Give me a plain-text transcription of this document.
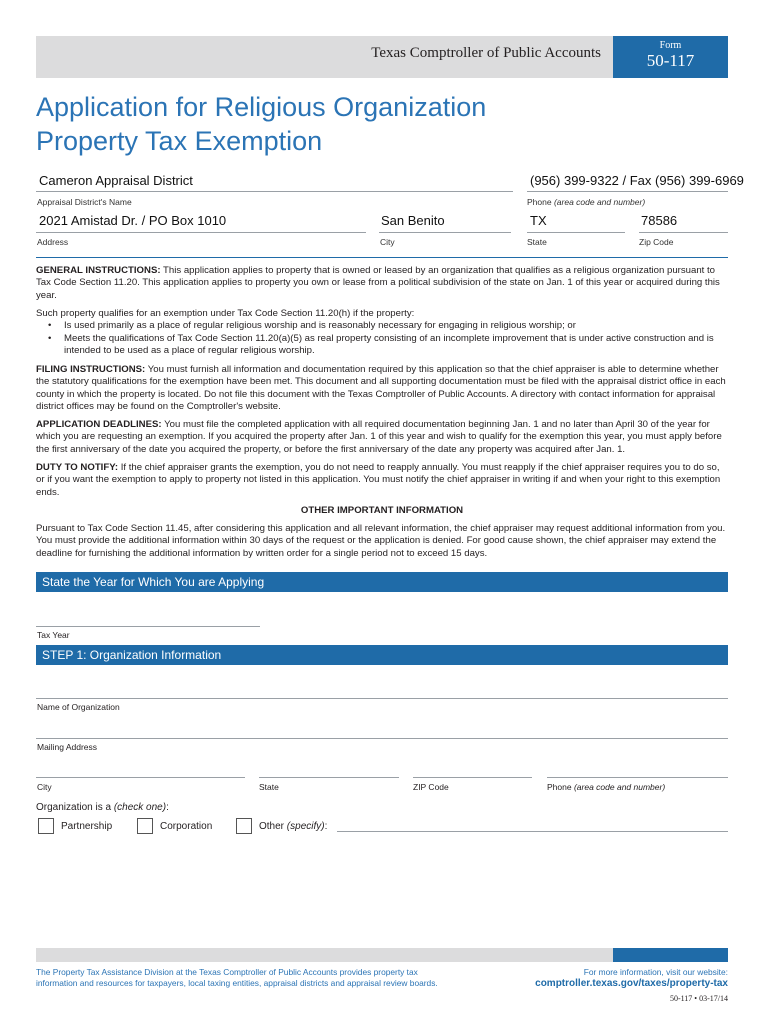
Texas Comptroller of Public Accounts	Form
50-117
Application for Religious Organization
Property Tax Exemption
Cameron Appraisal District
Appraisal District's Name
(956) 399-9322 / Fax (956) 399-6969
Phone (area code and number)
2021 Amistad Dr. / PO Box 1010
Address
San Benito
City
TX
State
78586
Zip Code
GENERAL INSTRUCTIONS: This application applies to property that is owned or leased by an organization that qualifies as a religious organization pursuant to Tax Code Section 11.20. This application applies to property you own or lease from a political subdivision of the state on Jan. 1 of this year or acquired during this year.
Such property qualifies for an exemption under Tax Code Section 11.20(h) if the property:
• Is used primarily as a place of regular religious worship and is reasonably necessary for engaging in religious worship; or
• Meets the qualifications of Tax Code Section 11.20(a)(5) as real property consisting of an incomplete improvement that is under active construction and is intended to be used as a place of regular religious worship.
FILING INSTRUCTIONS: You must furnish all information and documentation required by this application so that the chief appraiser is able to determine whether the statutory qualifications for the exemption have been met. This document and all supporting documentation must be filed with the appraisal district office in each county in which the property is located. Do not file this document with the Texas Comptroller of Public Accounts. A directory with contact information for appraisal district offices may be found on the Comptroller's website.
APPLICATION DEADLINES: You must file the completed application with all required documentation beginning Jan. 1 and no later than April 30 of the year for which you are requesting an exemption. If you acquired the property after Jan. 1 of this year and wish to qualify for the exemption this year, you must apply before the first anniversary of the date you acquired the property, or before the first anniversary of the date any property was acquired after Jan. 1.
DUTY TO NOTIFY: If the chief appraiser grants the exemption, you do not need to reapply annually. You must reapply if the chief appraiser requires you to do so, or if you want the exemption to apply to property not listed in this application. You must notify the chief appraiser in writing if and when your right to this exemption ends.
OTHER IMPORTANT INFORMATION
Pursuant to Tax Code Section 11.45, after considering this application and all relevant information, the chief appraiser may request additional information from you. You must provide the additional information within 30 days of the request or the application is denied. For good cause shown, the chief appraiser may extend the deadline for furnishing the additional information by written order for a single period not to exceed 15 days.
State the Year for Which You are Applying
Tax Year
STEP 1: Organization Information
Name of Organization
Mailing Address
City	State	ZIP Code	Phone (area code and number)
Organization is a (check one):
Partnership	Corporation	Other (specify):
The Property Tax Assistance Division at the Texas Comptroller of Public Accounts provides property tax
information and resources for taxpayers, local taxing entities, appraisal districts and appraisal review boards.
For more information, visit our website:
comptroller.texas.gov/taxes/property-tax
50-117 • 03-17/14
